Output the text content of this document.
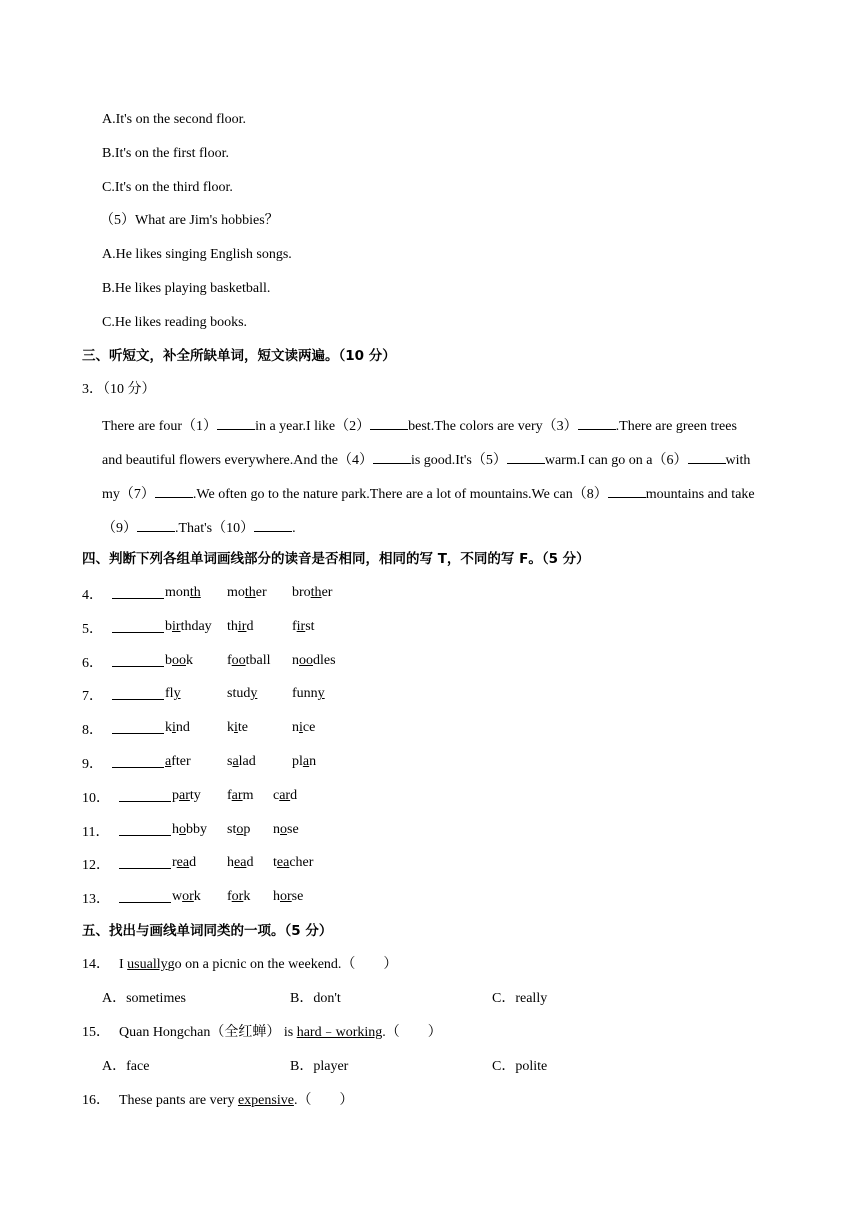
A.It's on the second floor.
B.It's on the first floor.
C.It's on the third floor.
（5）What are Jim's hobbies？
A.He likes singing English songs.
B.He likes playing basketball.
C.He likes reading books.
三、听短文，补全所缺单词，短文读两遍。（10 分）
3．（10 分）
There are four（1）	in a year.I like（2）	best.The colors are very（3）	.There are green trees
and beautiful flowers everywhere.And the（4）	is good.It's（5）	warm.I can go on a（6）	with
my（7）	.We often go to the nature park.There are a lot of mountains.We can（8）	mountains and take
（9）	.That's（10）	.
四、判断下列各组单词画线部分的读音是否相同，相同的写 T，不同的写 F。（5 分）
4．	month mother brother
5．	birthday third	first
6．	book football noodles
7．	fly	study funny
8．	kind	kite	nice
9．	after	salad	plan
10．	party farm card
11．	hobby stop nose
12．	read head teacher
13．	work fork horse
五、找出与画线单词同类的一项。（5 分）
14． I usuallygo on a picnic on the weekend.（　　）
A．sometimes	B．don't	C．really
15． Quan Hongchan（全红蝉） is hard﹣working.（　　）
A．face	B．player	C．polite
16． These pants are very expensive.（　　）
